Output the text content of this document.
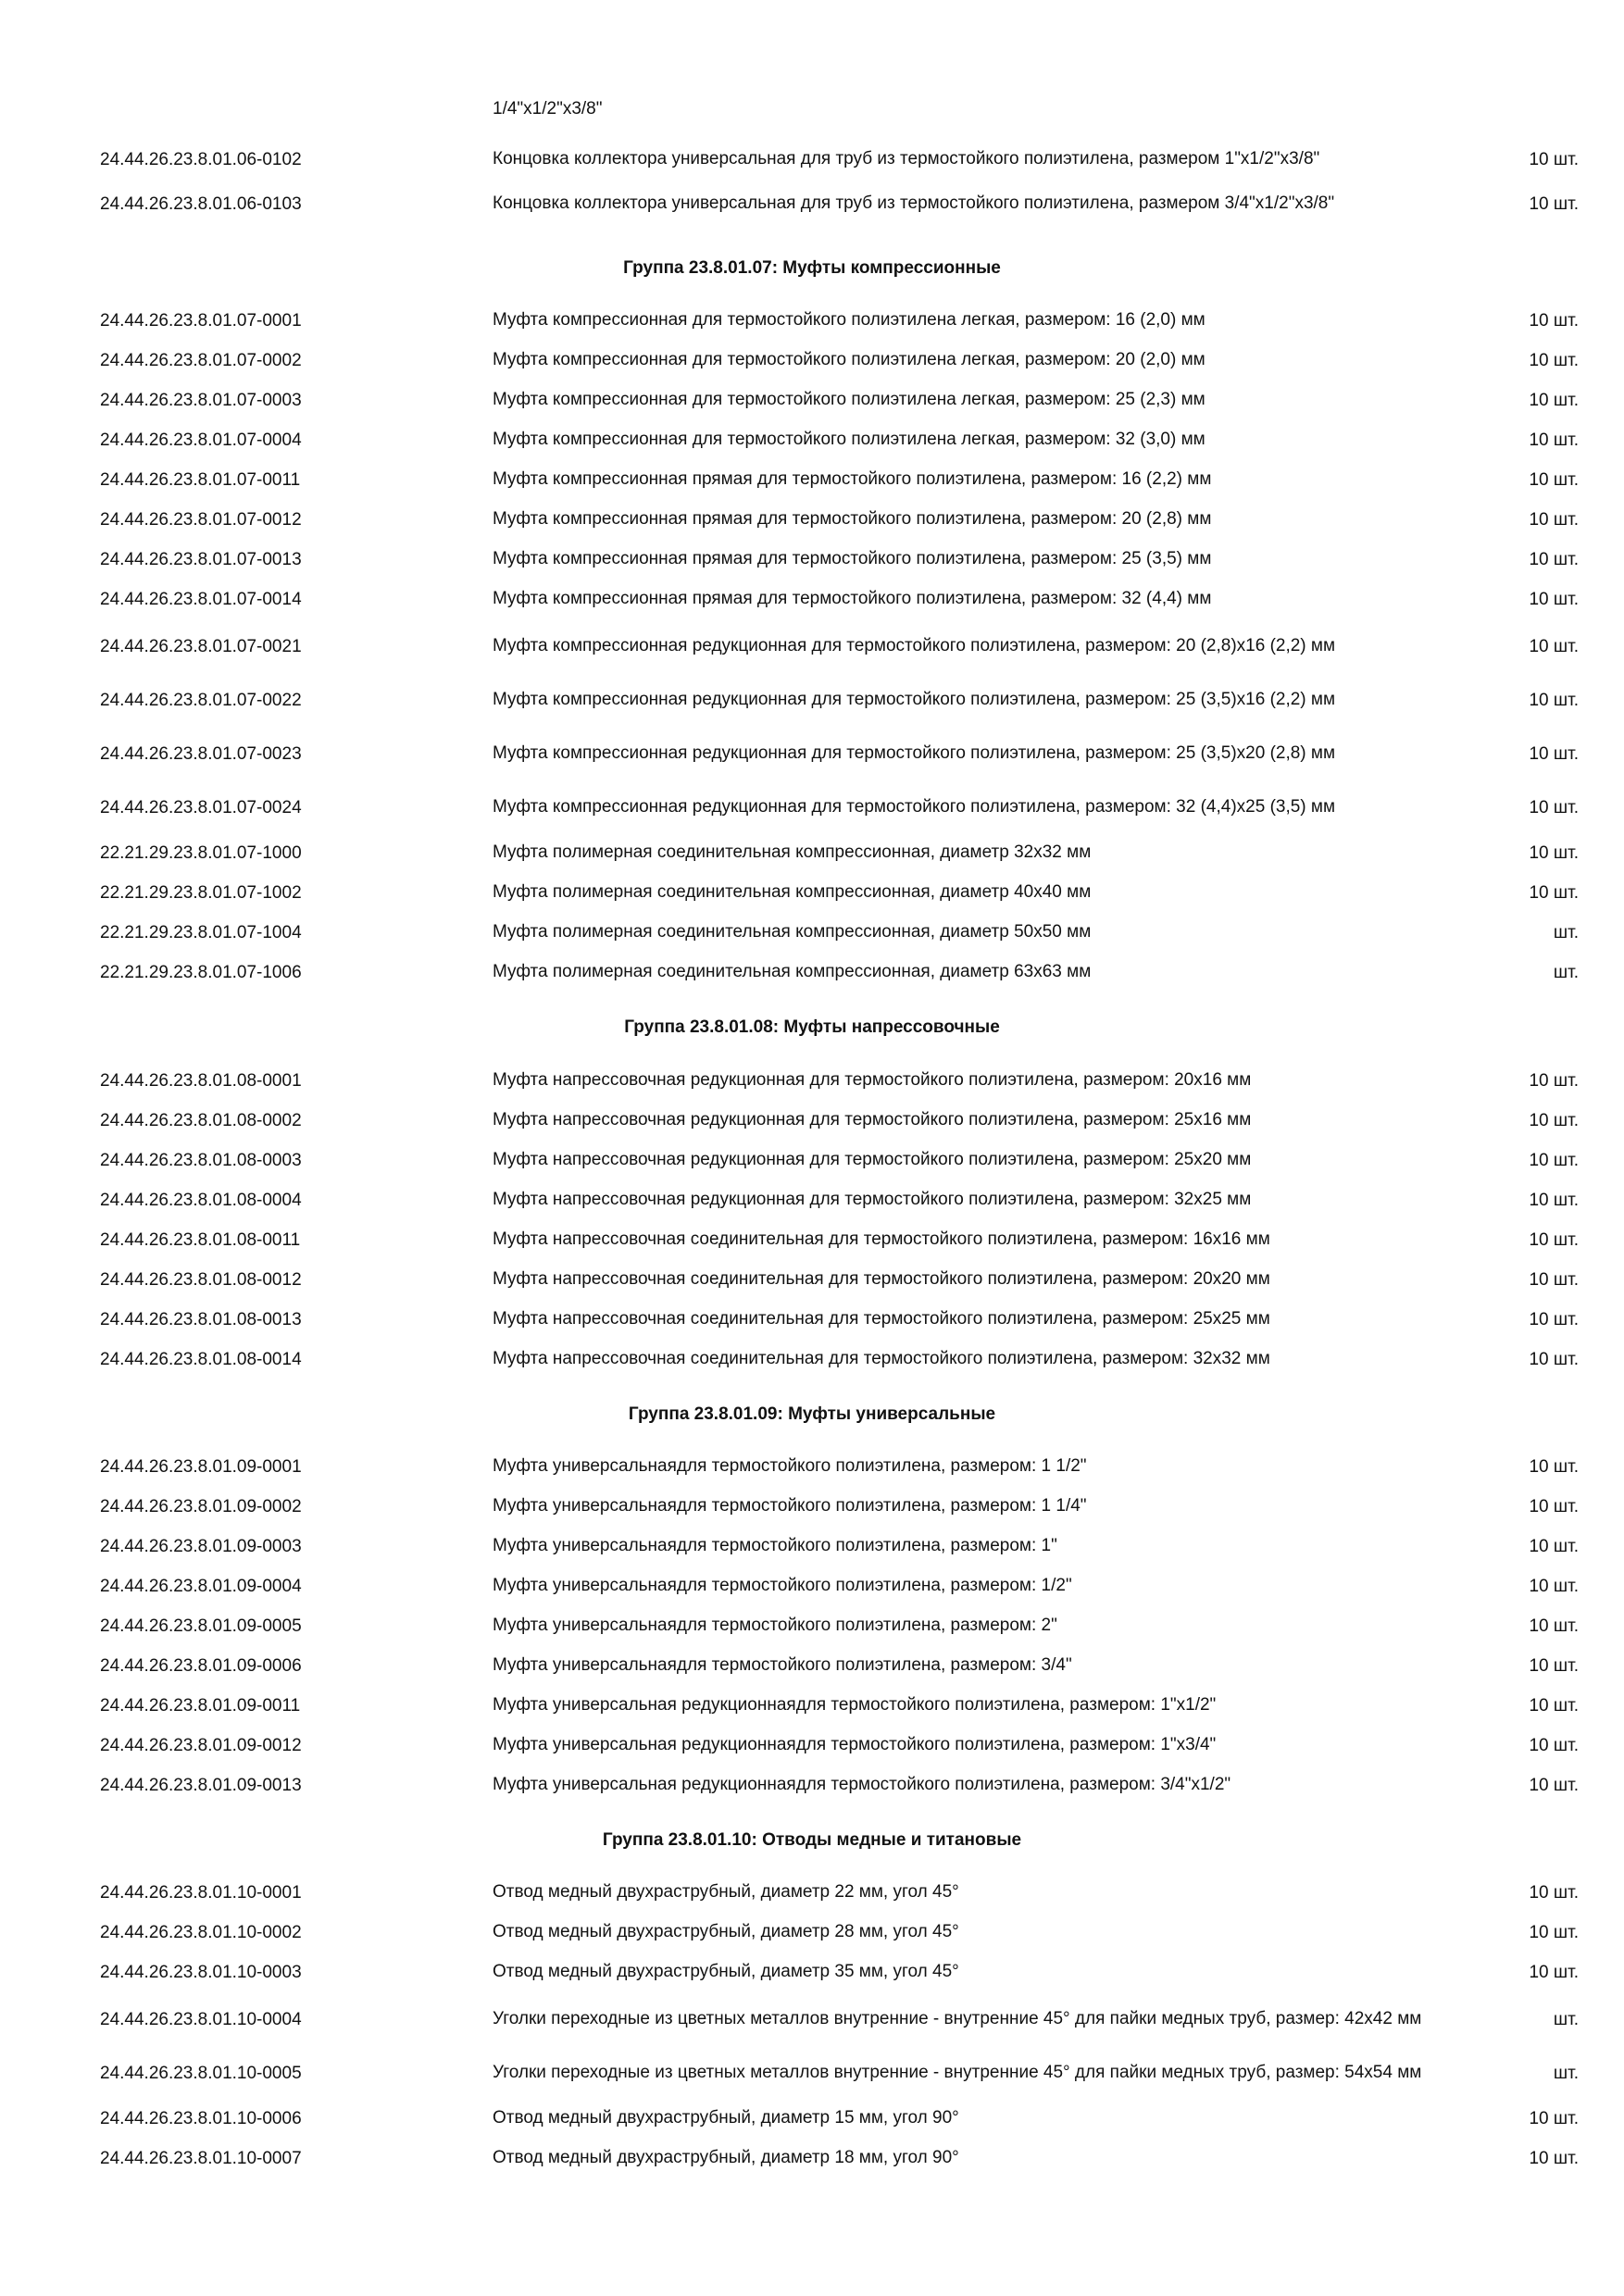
1/4"x1/2"x3/8"
24.44.26.23.8.01.06-0102	Концовка коллектора универсальная для труб из термостойкого полиэтилена, размером 1"x1/2"x3/8"	10 шт.
24.44.26.23.8.01.06-0103	Концовка коллектора универсальная для труб из термостойкого полиэтилена, размером 3/4"x1/2"x3/8"	10 шт.
Группа 23.8.01.07: Муфты компрессионные
24.44.26.23.8.01.07-0001	Муфта компрессионная для термостойкого полиэтилена легкая, размером: 16 (2,0) мм	10 шт.
24.44.26.23.8.01.07-0002	Муфта компрессионная для термостойкого полиэтилена легкая, размером: 20 (2,0) мм	10 шт.
24.44.26.23.8.01.07-0003	Муфта компрессионная для термостойкого полиэтилена легкая, размером: 25 (2,3) мм	10 шт.
24.44.26.23.8.01.07-0004	Муфта компрессионная для термостойкого полиэтилена легкая, размером: 32 (3,0) мм	10 шт.
24.44.26.23.8.01.07-0011	Муфта компрессионная прямая для термостойкого полиэтилена, размером: 16 (2,2) мм	10 шт.
24.44.26.23.8.01.07-0012	Муфта компрессионная прямая для термостойкого полиэтилена, размером: 20 (2,8) мм	10 шт.
24.44.26.23.8.01.07-0013	Муфта компрессионная прямая для термостойкого полиэтилена, размером: 25 (3,5) мм	10 шт.
24.44.26.23.8.01.07-0014	Муфта компрессионная прямая для термостойкого полиэтилена, размером: 32 (4,4) мм	10 шт.
24.44.26.23.8.01.07-0021	Муфта компрессионная редукционная для термостойкого полиэтилена, размером: 20 (2,8)x16 (2,2) мм	10 шт.
24.44.26.23.8.01.07-0022	Муфта компрессионная редукционная для термостойкого полиэтилена, размером: 25 (3,5)x16 (2,2) мм	10 шт.
24.44.26.23.8.01.07-0023	Муфта компрессионная редукционная для термостойкого полиэтилена, размером: 25 (3,5)x20 (2,8) мм	10 шт.
24.44.26.23.8.01.07-0024	Муфта компрессионная редукционная для термостойкого полиэтилена, размером: 32 (4,4)x25 (3,5) мм	10 шт.
22.21.29.23.8.01.07-1000	Муфта полимерная соединительная компрессионная, диаметр 32x32 мм	10 шт.
22.21.29.23.8.01.07-1002	Муфта полимерная соединительная компрессионная, диаметр 40x40 мм	10 шт.
22.21.29.23.8.01.07-1004	Муфта полимерная соединительная компрессионная, диаметр 50x50 мм	шт.
22.21.29.23.8.01.07-1006	Муфта полимерная соединительная компрессионная, диаметр 63x63 мм	шт.
Группа 23.8.01.08: Муфты напрессовочные
24.44.26.23.8.01.08-0001	Муфта напрессовочная редукционная для термостойкого полиэтилена, размером: 20x16 мм	10 шт.
24.44.26.23.8.01.08-0002	Муфта напрессовочная редукционная для термостойкого полиэтилена, размером: 25x16 мм	10 шт.
24.44.26.23.8.01.08-0003	Муфта напрессовочная редукционная для термостойкого полиэтилена, размером: 25x20 мм	10 шт.
24.44.26.23.8.01.08-0004	Муфта напрессовочная редукционная для термостойкого полиэтилена, размером: 32x25 мм	10 шт.
24.44.26.23.8.01.08-0011	Муфта напрессовочная соединительная для термостойкого полиэтилена, размером: 16x16 мм	10 шт.
24.44.26.23.8.01.08-0012	Муфта напрессовочная соединительная для термостойкого полиэтилена, размером: 20x20 мм	10 шт.
24.44.26.23.8.01.08-0013	Муфта напрессовочная соединительная для термостойкого полиэтилена, размером: 25x25 мм	10 шт.
24.44.26.23.8.01.08-0014	Муфта напрессовочная соединительная для термостойкого полиэтилена, размером: 32x32 мм	10 шт.
Группа 23.8.01.09: Муфты универсальные
24.44.26.23.8.01.09-0001	Муфта универсальнаядля термостойкого полиэтилена, размером: 1 1/2"	10 шт.
24.44.26.23.8.01.09-0002	Муфта универсальнаядля термостойкого полиэтилена, размером: 1 1/4"	10 шт.
24.44.26.23.8.01.09-0003	Муфта универсальнаядля термостойкого полиэтилена, размером: 1"	10 шт.
24.44.26.23.8.01.09-0004	Муфта универсальнаядля термостойкого полиэтилена, размером: 1/2"	10 шт.
24.44.26.23.8.01.09-0005	Муфта универсальнаядля термостойкого полиэтилена, размером: 2"	10 шт.
24.44.26.23.8.01.09-0006	Муфта универсальнаядля термостойкого полиэтилена, размером: 3/4"	10 шт.
24.44.26.23.8.01.09-0011	Муфта универсальная редукционнаядля термостойкого полиэтилена, размером: 1"x1/2"	10 шт.
24.44.26.23.8.01.09-0012	Муфта универсальная редукционнаядля термостойкого полиэтилена, размером: 1"x3/4"	10 шт.
24.44.26.23.8.01.09-0013	Муфта универсальная редукционнаядля термостойкого полиэтилена, размером: 3/4"x1/2"	10 шт.
Группа 23.8.01.10: Отводы медные и титановые
24.44.26.23.8.01.10-0001	Отвод медный двухраструбный, диаметр 22 мм, угол 45°	10 шт.
24.44.26.23.8.01.10-0002	Отвод медный двухраструбный, диаметр 28 мм, угол 45°	10 шт.
24.44.26.23.8.01.10-0003	Отвод медный двухраструбный, диаметр 35 мм, угол 45°	10 шт.
24.44.26.23.8.01.10-0004	Уголки переходные из цветных металлов внутренние - внутренние 45° для пайки медных труб, размер: 42x42 мм	шт.
24.44.26.23.8.01.10-0005	Уголки переходные из цветных металлов внутренние - внутренние 45° для пайки медных труб, размер: 54x54 мм	шт.
24.44.26.23.8.01.10-0006	Отвод медный двухраструбный, диаметр 15 мм, угол 90°	10 шт.
24.44.26.23.8.01.10-0007	Отвод медный двухраструбный, диаметр 18 мм, угол 90°	10 шт.
